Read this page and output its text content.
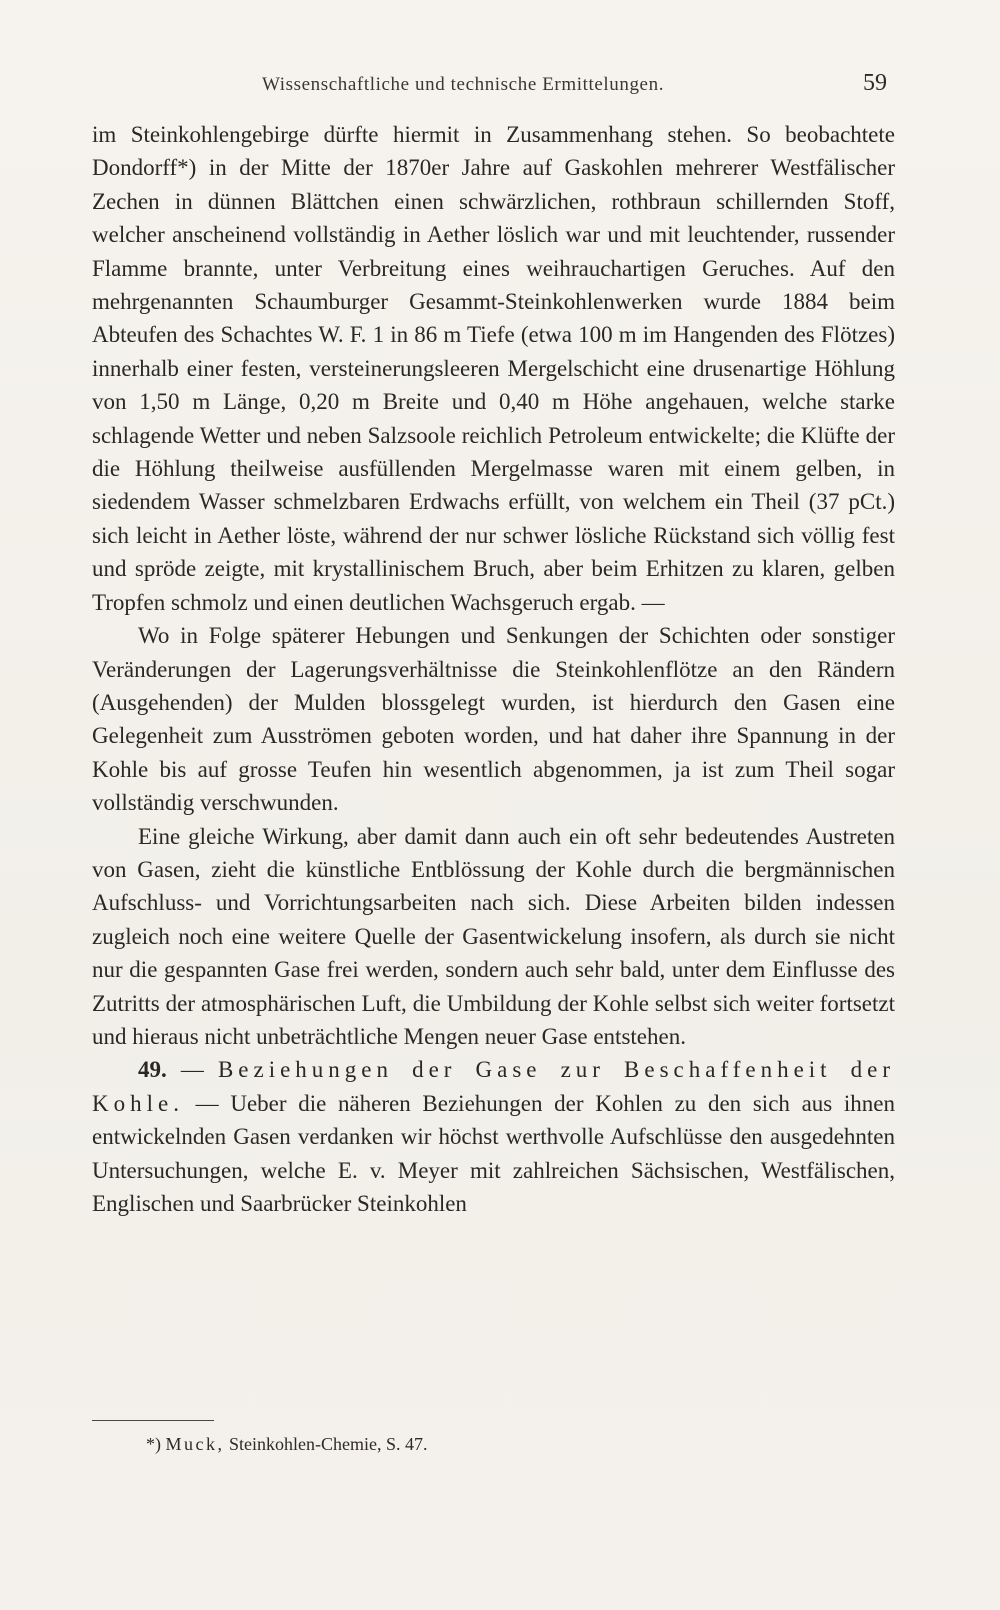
Wissenschaftliche und technische Ermittelungen.	59

im Steinkohlengebirge dürfte hiermit in Zusammenhang stehen. So beobachtete Dondorff*) in der Mitte der 1870er Jahre auf Gaskohlen mehrerer Westfälischer Zechen in dünnen Blättchen einen schwärzlichen, rothbraun schillernden Stoff, welcher anscheinend vollständig in Aether löslich war und mit leuchtender, russender Flamme brannte, unter Verbreitung eines weihrauchartigen Geruches. Auf den mehrgenannten Schaumburger Gesammt-Steinkohlenwerken wurde 1884 beim Abteufen des Schachtes W. F. 1 in 86 m Tiefe (etwa 100 m im Hangenden des Flötzes) innerhalb einer festen, versteinerungsleeren Mergelschicht eine drusenartige Höhlung von 1,50 m Länge, 0,20 m Breite und 0,40 m Höhe angehauen, welche starke schlagende Wetter und neben Salzsoole reichlich Petroleum entwickelte; die Klüfte der die Höhlung theilweise ausfüllenden Mergelmasse waren mit einem gelben, in siedendem Wasser schmelzbaren Erdwachs erfüllt, von welchem ein Theil (37 pCt.) sich leicht in Aether löste, während der nur schwer lösliche Rückstand sich völlig fest und spröde zeigte, mit krystallinischem Bruch, aber beim Erhitzen zu klaren, gelben Tropfen schmolz und einen deutlichen Wachsgeruch ergab. —

Wo in Folge späterer Hebungen und Senkungen der Schichten oder sonstiger Veränderungen der Lagerungsverhältnisse die Steinkohlenflötze an den Rändern (Ausgehenden) der Mulden blossgelegt wurden, ist hierdurch den Gasen eine Gelegenheit zum Ausströmen geboten worden, und hat daher ihre Spannung in der Kohle bis auf grosse Teufen hin wesentlich abgenommen, ja ist zum Theil sogar vollständig verschwunden.

Eine gleiche Wirkung, aber damit dann auch ein oft sehr bedeutendes Austreten von Gasen, zieht die künstliche Entblössung der Kohle durch die bergmännischen Aufschluss- und Vorrichtungsarbeiten nach sich. Diese Arbeiten bilden indessen zugleich noch eine weitere Quelle der Gasentwickelung insofern, als durch sie nicht nur die gespannten Gase frei werden, sondern auch sehr bald, unter dem Einflusse des Zutritts der atmosphärischen Luft, die Umbildung der Kohle selbst sich weiter fortsetzt und hieraus nicht unbeträchtliche Mengen neuer Gase entstehen.

49. — Beziehungen der Gase zur Beschaffenheit der Kohle. — Ueber die näheren Beziehungen der Kohlen zu den sich aus ihnen entwickelnden Gasen verdanken wir höchst werthvolle Aufschlüsse den ausgedehnten Untersuchungen, welche E. v. Meyer mit zahlreichen Sächsischen, Westfälischen, Englischen und Saarbrücker Steinkohlen

*) Muck, Steinkohlen-Chemie, S. 47.
